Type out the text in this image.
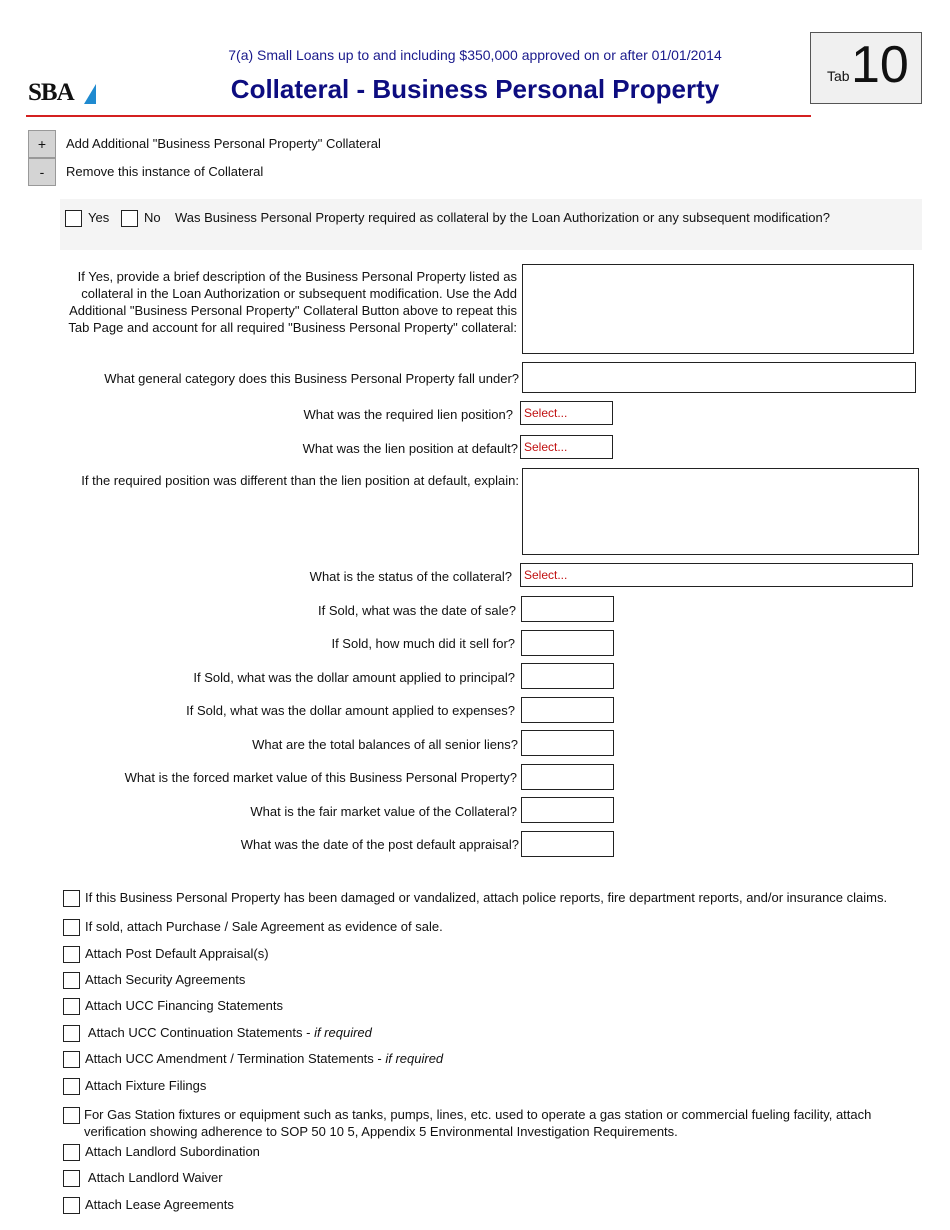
7(a) Small Loans up to and including $350,000 approved on or after 01/01/2014
Collateral - Business Personal Property
SBA
Tab 10
+	Add Additional "Business Personal Property" Collateral
-	Remove this instance of Collateral
Yes	No Was Business Personal Property required as collateral by the Loan Authorization or any subsequent modification?
If Yes, provide a brief description of the Business Personal Property listed as collateral in the Loan Authorization or subsequent modification. Use the Add Additional "Business Personal Property" Collateral Button above to repeat this Tab Page and account for all required "Business Personal Property" collateral:
What general category does this Business Personal Property fall under?
What was the required lien position? Select...
What was the lien position at default? Select...
If the required position was different than the lien position at default, explain:
What is the status of the collateral?	Select...
If Sold, what was the date of sale?
If Sold, how much did it sell for?
If Sold, what was the dollar amount applied to principal?
If Sold, what was the dollar amount applied to expenses?
What are the total balances of all senior liens?
What is the forced market value of this Business Personal Property?
What is the fair market value of the Collateral?
What was the date of the post default appraisal?
If this Business Personal Property has been damaged or vandalized, attach police reports, fire department reports, and/or insurance claims.
If sold, attach Purchase / Sale Agreement as evidence of sale.
Attach Post Default Appraisal(s)
Attach Security Agreements
Attach UCC Financing Statements
Attach UCC Continuation Statements - if required
Attach UCC Amendment / Termination Statements - if required
Attach Fixture Filings
For Gas Station fixtures or equipment such as tanks, pumps, lines, etc. used to operate a gas station or commercial fueling facility, attach verification showing adherence to SOP 50 10 5, Appendix 5 Environmental Investigation Requirements.
Attach Landlord Subordination
Attach Landlord Waiver
Attach Lease Agreements
